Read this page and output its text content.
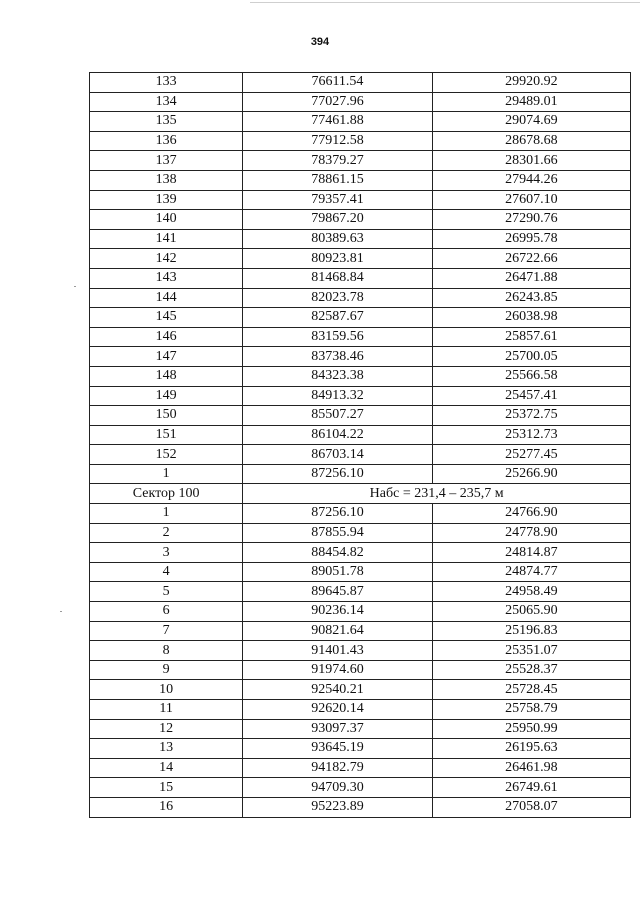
394
133	76611.54	29920.92
134	77027.96	29489.01
135	77461.88	29074.69
136	77912.58	28678.68
137	78379.27	28301.66
138	78861.15	27944.26
139	79357.41	27607.10
140	79867.20	27290.76
141	80389.63	26995.78
142	80923.81	26722.66
143	81468.84	26471.88
144	82023.78	26243.85
145	82587.67	26038.98
146	83159.56	25857.61
147	83738.46	25700.05
148	84323.38	25566.58
149	84913.32	25457.41
150	85507.27	25372.75
151	86104.22	25312.73
152	86703.14	25277.45
1	87256.10	25266.90
Сектор 100	Набс = 231,4 – 235,7 м	
1	87256.10	24766.90
2	87855.94	24778.90
3	88454.82	24814.87
4	89051.78	24874.77
5	89645.87	24958.49
6	90236.14	25065.90
7	90821.64	25196.83
8	91401.43	25351.07
9	91974.60	25528.37
10	92540.21	25728.45
11	92620.14	25758.79
12	93097.37	25950.99
13	93645.19	26195.63
14	94182.79	26461.98
15	94709.30	26749.61
16	95223.89	27058.07
